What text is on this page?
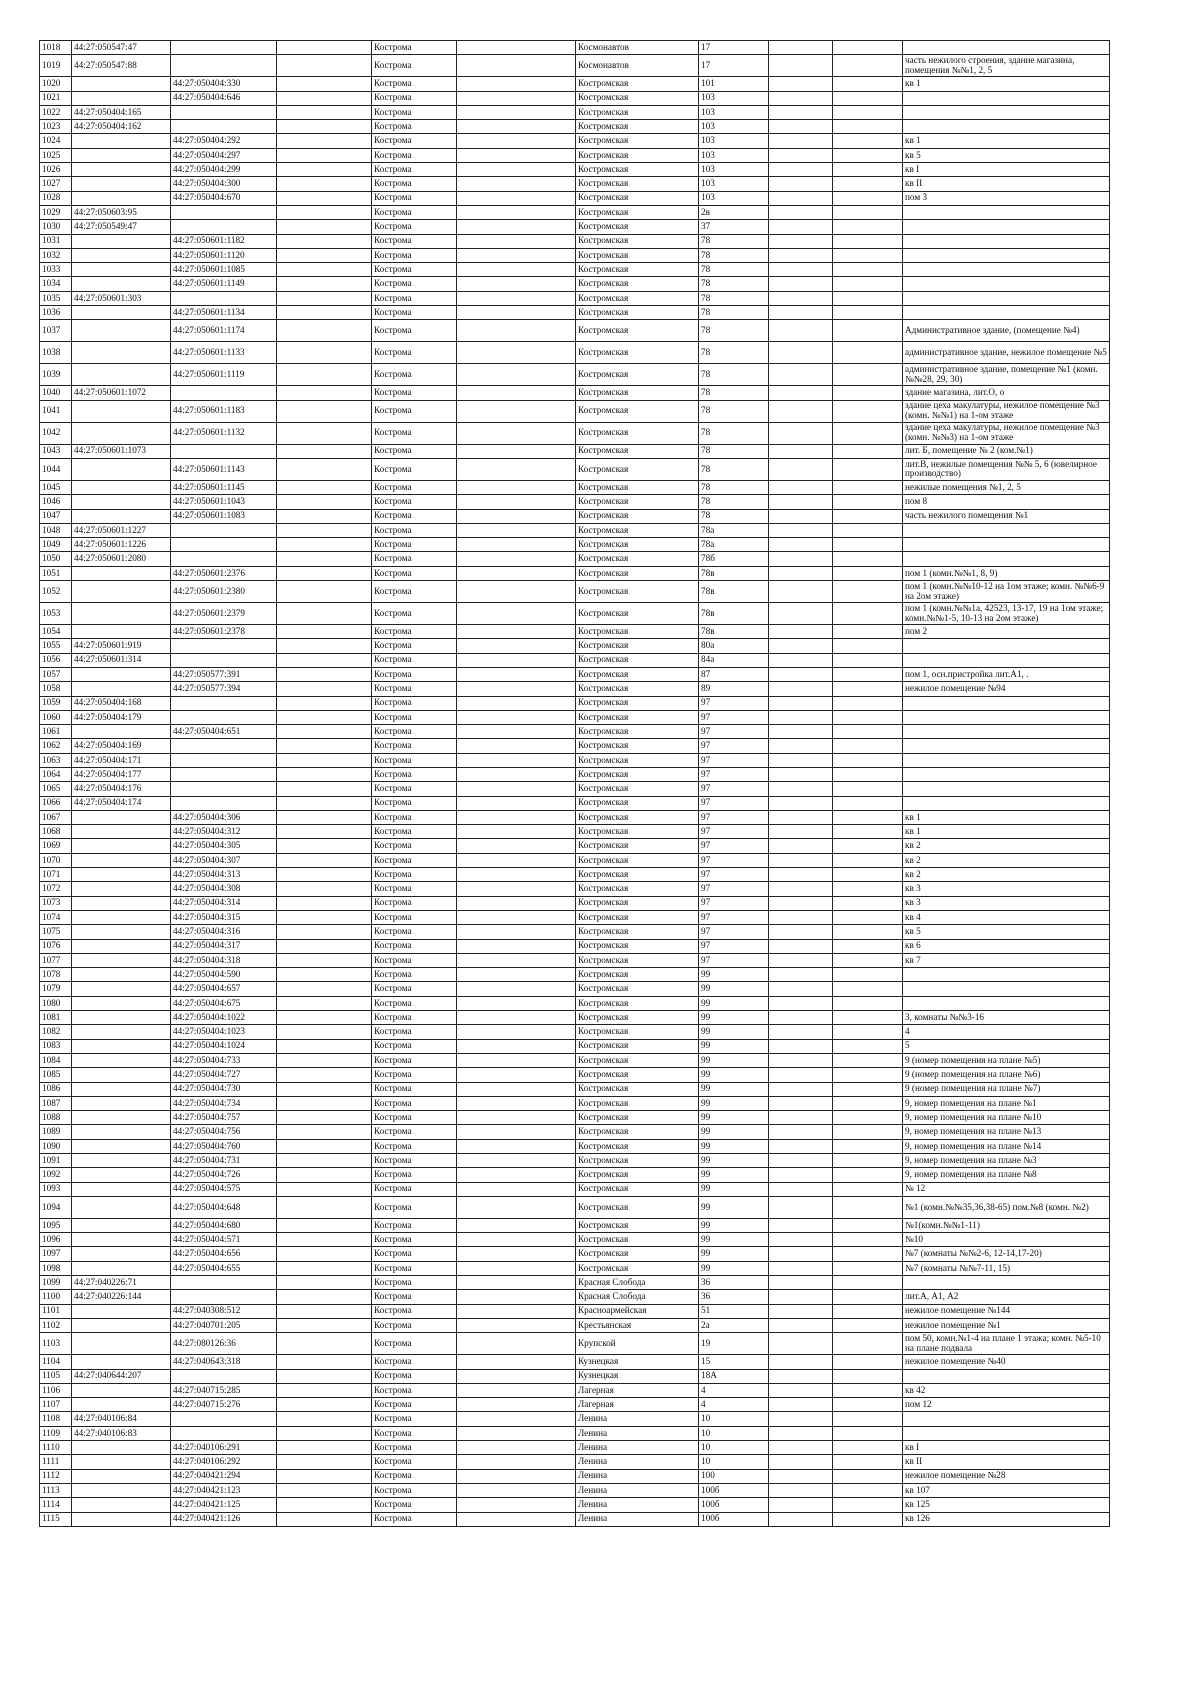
1018	44:27:050547:47			Кострома		Космонавтов	17			
1019	44:27:050547:88			Кострома		Космонавтов	17			часть нежилого строения, здание магазина, помещения №№1, 2, 5
1020		44:27:050404:330		Кострома		Костромская	101			кв 1
1021		44:27:050404:646		Кострома		Костромская	103			
1022	44:27:050404:165			Кострома		Костромская	103			
1023	44:27:050404:162			Кострома		Костромская	103			
1024		44:27:050404:292		Кострома		Костромская	103			кв 1
1025		44:27:050404:297		Кострома		Костромская	103			кв 5
1026		44:27:050404:299		Кострома		Костромская	103			кв I
1027		44:27:050404:300		Кострома		Костромская	103			кв II
1028		44:27:050404:670		Кострома		Костромская	103			пом 3
1029	44:27:050603:95			Кострома		Костромская	2в			
1030	44:27:050549:47			Кострома		Костромская	37			
1031		44:27:050601:1182		Кострома		Костромская	78			
1032		44:27:050601:1120		Кострома		Костромская	78			
1033		44:27:050601:1085		Кострома		Костромская	78			
1034		44:27:050601:1149		Кострома		Костромская	78			
1035	44:27:050601:303			Кострома		Костромская	78			
1036		44:27:050601:1134		Кострома		Костромская	78			
1037		44:27:050601:1174		Кострома		Костромская	78			Административное здание, (помещение №4)
1038		44:27:050601:1133		Кострома		Костромская	78			административное здание, нежилое помещение №5
1039		44:27:050601:1119		Кострома		Костромская	78			административное здание, помещение №1 (комн. №№28, 29, 30)
1040	44:27:050601:1072			Кострома		Костромская	78			здание магазина, лит.О, о
1041		44:27:050601:1183		Кострома		Костромская	78			здание цеха макулатуры, нежилое помещение №3 (комн. №№1) на 1-ом этаже
1042		44:27:050601:1132		Кострома		Костромская	78			здание цеха макулатуры, нежилое помещение №3 (комн. №№3) на 1-ом этаже
1043	44:27:050601:1073			Кострома		Костромская	78			лит. Б, помещение № 2 (ком.№1)
1044		44:27:050601:1143		Кострома		Костромская	78			лит.В, нежилые помещения №№ 5, 6 (ювелирное производство)
1045		44:27:050601:1145		Кострома		Костромская	78			нежилые помещения №1, 2, 5
1046		44:27:050601:1043		Кострома		Костромская	78			пом 8
1047		44:27:050601:1083		Кострома		Костромская	78			часть нежилого помещения №1
1048	44:27:050601:1227			Кострома		Костромская	78а			
1049	44:27:050601:1226			Кострома		Костромская	78а			
1050	44:27:050601:2080			Кострома		Костромская	78б			
1051		44:27:050601:2376		Кострома		Костромская	78в			пом 1 (комн.№№1, 8, 9)
1052		44:27:050601:2380		Кострома		Костромская	78в			пом 1 (комн.№№10-12 на 1ом этаже; комн. №№6-9 на 2ом этаже)
1053		44:27:050601:2379		Кострома		Костромская	78в			пом 1 (комн.№№1а, 42523, 13-17, 19 на 1ом этаже; комн.№№1-5, 10-13 на 2ом этаже)
1054		44:27:050601:2378		Кострома		Костромская	78в			пом 2
1055	44:27:050601:919			Кострома		Костромская	80а			
1056	44:27:050601:314			Кострома		Костромская	84а			
1057		44:27:050577:391		Кострома		Костромская	87			пом 1, осн.пристройка лит.А1, .
1058		44:27:050577:394		Кострома		Костромская	89			нежилое помещение №94
1059	44:27:050404:168			Кострома		Костромская	97			
1060	44:27:050404:179			Кострома		Костромская	97			
1061		44:27:050404:651		Кострома		Костромская	97			
1062	44:27:050404:169			Кострома		Костромская	97			
1063	44:27:050404:171			Кострома		Костромская	97			
1064	44:27:050404:177			Кострома		Костромская	97			
1065	44:27:050404:176			Кострома		Костромская	97			
1066	44:27:050404:174			Кострома		Костромская	97			
1067		44:27:050404:306		Кострома		Костромская	97			кв 1
1068		44:27:050404:312		Кострома		Костромская	97			кв 1
1069		44:27:050404:305		Кострома		Костромская	97			кв 2
1070		44:27:050404:307		Кострома		Костромская	97			кв 2
1071		44:27:050404:313		Кострома		Костромская	97			кв 2
1072		44:27:050404:308		Кострома		Костромская	97			кв 3
1073		44:27:050404:314		Кострома		Костромская	97			кв 3
1074		44:27:050404:315		Кострома		Костромская	97			кв 4
1075		44:27:050404:316		Кострома		Костромская	97			кв 5
1076		44:27:050404:317		Кострома		Костромская	97			кв 6
1077		44:27:050404:318		Кострома		Костромская	97			кв 7
1078		44:27:050404:590		Кострома		Костромская	99			
1079		44:27:050404:657		Кострома		Костромская	99			
1080		44:27:050404:675		Кострома		Костромская	99			
1081		44:27:050404:1022		Кострома		Костромская	99			3, комнаты №№3-16
1082		44:27:050404:1023		Кострома		Костромская	99			4
1083		44:27:050404:1024		Кострома		Костромская	99			5
1084		44:27:050404:733		Кострома		Костромская	99			9 (номер помещения на плане №5)
1085		44:27:050404:727		Кострома		Костромская	99			9 (номер помещения на плане №6)
1086		44:27:050404:730		Кострома		Костромская	99			9 (номер помещения на плане №7)
1087		44:27:050404:734		Кострома		Костромская	99			9, номер помещения на плане №1
1088		44:27:050404:757		Кострома		Костромская	99			9, номер помещения на плане №10
1089		44:27:050404:756		Кострома		Костромская	99			9, номер помещения на плане №13
1090		44:27:050404:760		Кострома		Костромская	99			9, номер помещения на плане №14
1091		44:27:050404:731		Кострома		Костромская	99			9, номер помещения на плане №3
1092		44:27:050404:726		Кострома		Костромская	99			9, номер помещения на плане №8
1093		44:27:050404:575		Кострома		Костромская	99			№ 12
1094		44:27:050404:648		Кострома		Костромская	99			№1 (комн.№№35,36,38-65) пом.№8 (комн. №2)
1095		44:27:050404:680		Кострома		Костромская	99			№1(комн.№№1-11)
1096		44:27:050404:571		Кострома		Костромская	99			№10
1097		44:27:050404:656		Кострома		Костромская	99			№7 (комнаты №№2-6, 12-14,17-20)
1098		44:27:050404:655		Кострома		Костромская	99			№7 (комнаты №№7-11, 15)
1099	44:27:040226:71			Кострома		Красная Слобода	36			
1100	44:27:040226:144			Кострома		Красная Слобода	36			лит.А, А1, А2
1101		44:27:040308:512		Кострома		Красноармейская	51			нежилое помещение №144
1102		44:27:040701:205		Кострома		Крестьянская	2а			нежилое помещение №1
1103		44:27:080126:36		Кострома		Крупской	19			пом 50, комн.№1-4 на плане 1 этажа; комн. №5-10 на плане подвала
1104		44:27:040643:318		Кострома		Кузнецкая	15			нежилое помещение №40
1105	44:27:040644:207			Кострома		Кузнецкая	18А			
1106		44:27:040715:285		Кострома		Лагерная	4			кв 42
1107		44:27:040715:276		Кострома		Лагерная	4			пом 12
1108	44:27:040106:84			Кострома		Ленина	10			
1109	44:27:040106:83			Кострома		Ленина	10			
1110		44:27:040106:291		Кострома		Ленина	10			кв I
1111		44:27:040106:292		Кострома		Ленина	10			кв II
1112		44:27:040421:294		Кострома		Ленина	100			нежилое помещение №28
1113		44:27:040421:123		Кострома		Ленина	100б			кв 107
1114		44:27:040421:125		Кострома		Ленина	100б			кв 125
1115		44:27:040421:126		Кострома		Ленина	100б			кв 126
